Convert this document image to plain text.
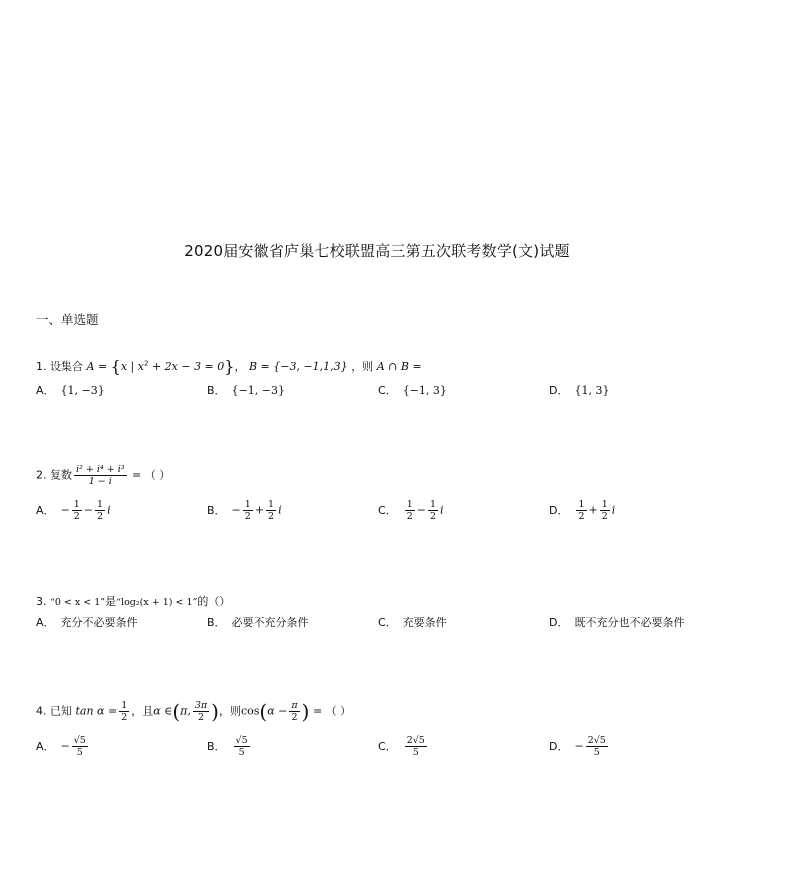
2020届安徽省庐巢七校联盟高三第五次联考数学(文)试题
一、单选题
1. 设集合 A = {x | $x^2 + 2x - 3 = 0$}， B = {−3, −1,1,3} ，则 A ∩ B =
A． {1, −3}	B． {−1, −3}	C． {−1, 3}	D． {1, 3}
2. 复数 $\frac{\text{i² + i⁴ + i³}}{1 - i}$ = （ ）
A． − $\frac{1}{2} - \frac{1}{2}$ i	B． − $\frac{1}{2} + \frac{1}{2}$ i	C． $\frac{1}{2} - \frac{1}{2}$ i	D． $\frac{1}{2} + \frac{1}{2}$ i
3. “0 < x < 1”是“log₂(x + 1) < 1”的（）
A． 充分不必要条件	B． 必要不充分条件	C． 充要条件	D． 既不充分也不必要条件
4. 已知 $\tan \alpha = \frac{1}{2}$ ，且α ∈(π, $\frac{3\pi}{2}$ )，则$\cos(\alpha - \frac{\pi}{2}$ ) = （ ）
A． − $\frac{√5}{5}$	B． $\frac{√5}{5}$	C． $\frac{2√5}{5}$	D． − $\frac{2√5}{5}$
